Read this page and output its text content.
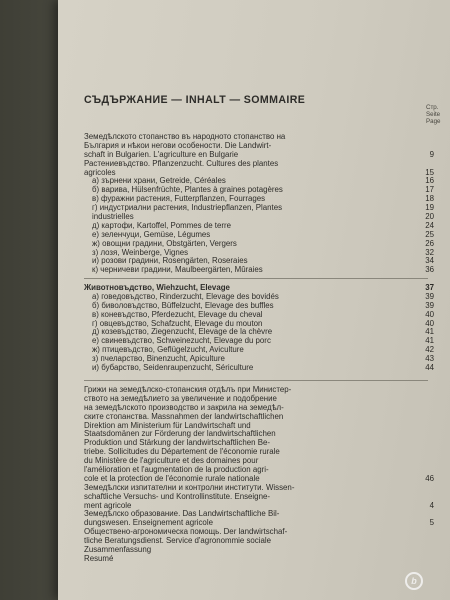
СЪДЪРЖАНИЕ — INHALT — SOMMAIRE
Стр.
Seite
Page
Земедѣлското стопанство въ народното стопанство на
България и нѣкои негови особености. Die Landwirt-
schaft in Bulgarien. L'agriculture en Bulgarie	9
Растениевъдство. Pflanzenzucht. Cultures des plantes
agricoles	15
а) зърнени храни, Getreide, Céréales	16
б) варива, Hülsenfrüchte, Plantes à graines potagères	17
в) фуражни растения, Futterpflanzen, Fourrages	18
г) индустриални растения, Industriepflanzen, Plantes	19
industrielles	20
д) картофи, Kartoffel, Pommes de terre	24
е) зеленчуци, Gemüse, Légumes	25
ж) овощни градини, Obstgärten, Vergers	26
з) лозя, Weinberge, Vignes	32
и) розови градини, Rosengärten, Roseraies	34
к) черничеви градини, Maulbeergärten, Mûraies	36
Животновъдство, Wiehzucht, Elevage	37
а) говедовъдство, Rinderzucht, Elevage des bovidés	39
б) биволовъдство, Büffelzucht, Elevage des buffles	39
в) коневъдство, Pferdezucht, Elevage du cheval	40
г) овцевъдство, Schafzucht, Elevage du mouton	40
д) козевъдство, Ziegenzucht, Elevage de la chèvre	41
е) свиневъдство, Schweinezucht, Elevage du porc	41
ж) птицевъдство, Geflügelzucht, Aviculture	42
з) пчеларство, Binenzucht, Apiculture	43
и) бубарство, Seidenraupenzucht, Sériculture	44
Грижи на земедѣлско-стопанския отдѣлъ при Министер-
ството на земедѣлието за увеличение и подобрение
на земедѣлското производство и закрила на земедѣл-
ските стопанства. Massnahmen der landwirtschaftlichen
Direktion am Ministerium für Landwirtschaft und
Staatsdomänen zur Förderung der landwirtschaftlichen
Produktion und Stärkung der landwirtschaftlichen Be-
triebe. Sollicitudes du Département de l'économie rurale
du Ministère de l'agriculture et des domaines pour
l'amélioration et l'augmentation de la production agri-
cole et la protection de l'économie rurale nationale	46
Земедѣлски изпитателни и контролни институти. Wissen-
schaftliche Versuchs- und Kontrollinstitute. Enseigne-
ment agricole	4
Земедѣлско образование. Das Landwirtschaftliche Bil-
dungswesen. Enseignement agricole	5
Обществено-агрономическа помощь. Der landwirtschaf-
tliche Beratungsdienst. Service d'agronommie sociale
Zusammenfassung
Resumé
b
